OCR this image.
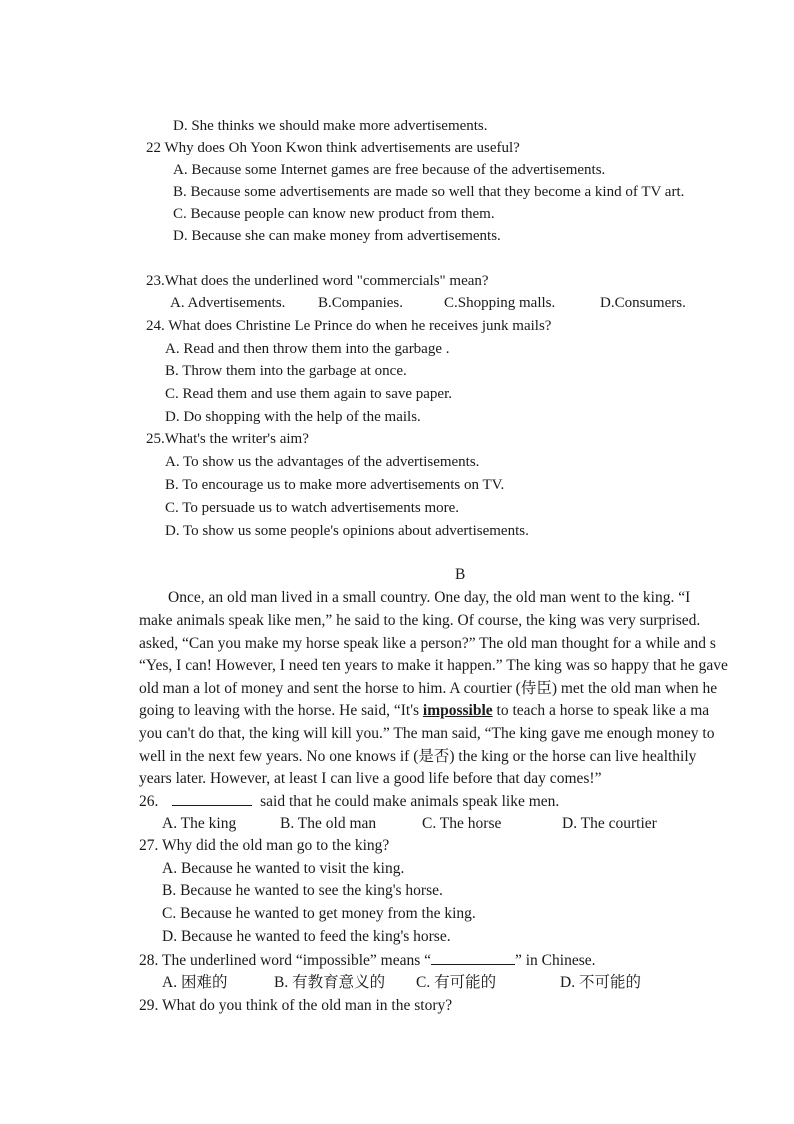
D. She thinks we should make more advertisements.
22 Why does Oh Yoon Kwon think advertisements are useful?
A. Because some Internet games are free because of the advertisements.
B. Because some advertisements are made so well that they become a kind of TV art.
C. Because people can know new product from them.
D. Because she can make money from advertisements.
23.What does the underlined word "commercials" mean?
A. Advertisements. B.Companies.	C.Shopping malls.	D.Consumers.
24. What does Christine Le Prince do when he receives junk mails?
A. Read and then throw them into the garbage .
B. Throw them into the garbage at once.
C. Read them and use them again to save paper.
D. Do shopping with the help of the mails.
25.What's the writer's aim?
A. To show us the advantages of the advertisements.
B. To encourage us to make more advertisements on TV.
C. To persuade us to watch advertisements more.
D. To show us some people's opinions about advertisements.
B
Once, an old man lived in a small country. One day, the old man went to the king. “I
make animals speak like men,” he said to the king. Of course, the king was very surprised.
asked, “Can you make my horse speak like a person?” The old man thought for a while and s
“Yes, I can! However, I need ten years to make it happen.” The king was so happy that he gave
old man a lot of money and sent the horse to him. A courtier (侍臣) met the old man when he
going to leaving with the horse. He said, “It's impossible to teach a horse to speak like a ma
you can't do that, the king will kill you.” The man said, “The king gave me enough money to
well in the next few years. No one knows if (是否) the king or the horse can live healthily
years later. However, at least I can live a good life before that day comes!”
26.	said that he could make animals speak like men.
A. The king	B. The old man	C. The horse	D. The courtier
27. Why did the old man go to the king?
A. Because he wanted to visit the king.
B. Because he wanted to see the king's horse.
C. Because he wanted to get money from the king.
D. Because he wanted to feed the king's horse.
28. The underlined word “impossible” means “	” in Chinese.
A. 困难的	B. 有教育意义的 C. 有可能的	D. 不可能的
29. What do you think of the old man in the story?
